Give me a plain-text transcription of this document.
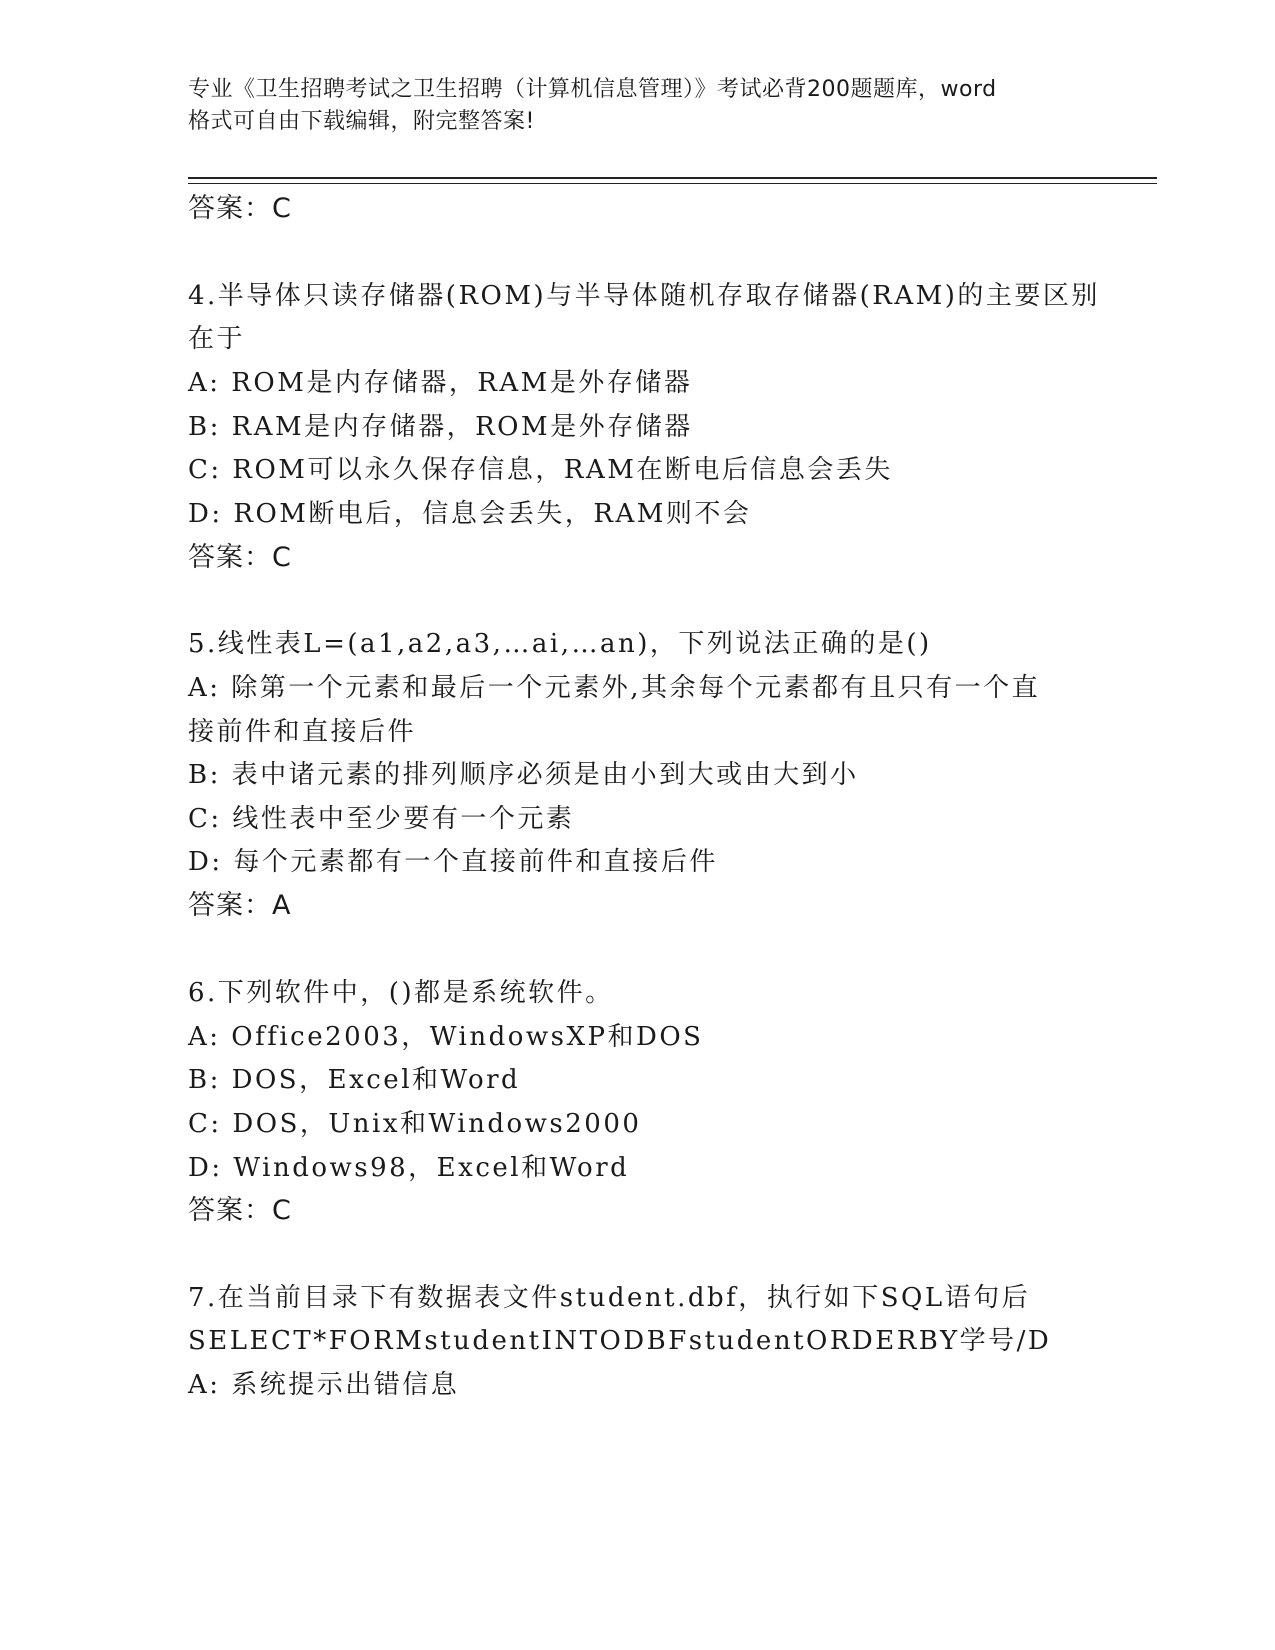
专业《卫生招聘考试之卫生招聘（计算机信息管理）》考试必背200题题库，word
格式可自由下载编辑，附完整答案!
答案：C
4.半导体只读存储器(ROM)与半导体随机存取存储器(RAM)的主要区别
在于
A: ROM是内存储器，RAM是外存储器
B: RAM是内存储器，ROM是外存储器
C: ROM可以永久保存信息，RAM在断电后信息会丢失
D: ROM断电后，信息会丢失，RAM则不会
答案：C
5.线性表L=(a1,a2,a3,…ai,…an)，下列说法正确的是()
A: 除第一个元素和最后一个元素外,其余每个元素都有且只有一个直
接前件和直接后件
B: 表中诸元素的排列顺序必须是由小到大或由大到小
C: 线性表中至少要有一个元素
D: 每个元素都有一个直接前件和直接后件
答案：A
6.下列软件中，()都是系统软件。
A: Office2003，WindowsXP和DOS
B: DOS，Excel和Word
C: DOS，Unix和Windows2000
D: Windows98，Excel和Word
答案：C
7.在当前目录下有数据表文件student.dbf，执行如下SQL语句后
SELECT*FORMstudentINTODBFstudentORDERBY学号/D
A: 系统提示出错信息
